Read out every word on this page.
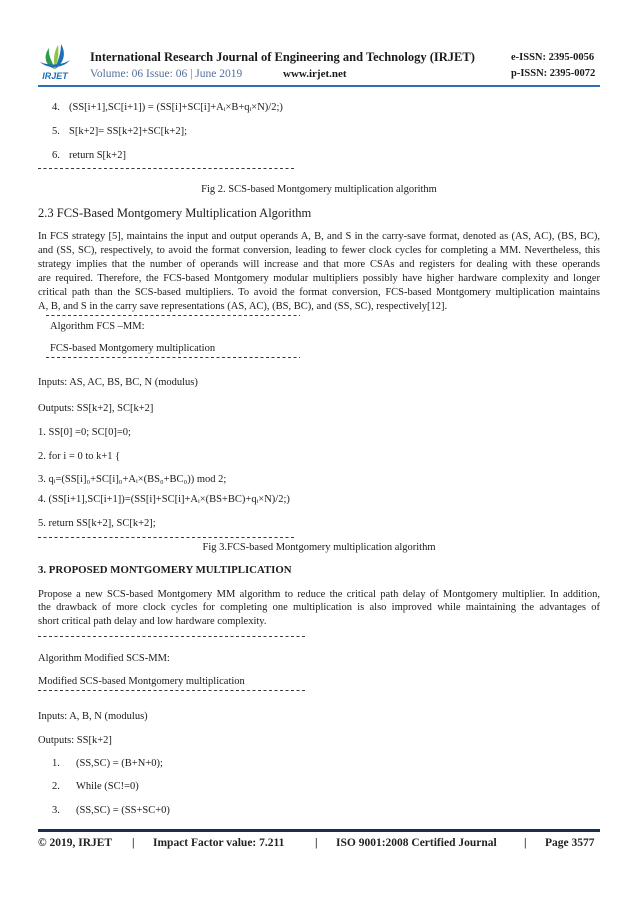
IRJET
International Research Journal of Engineering and Technology (IRJET)	e-ISSN: 2395-0056
Volume: 06 Issue: 06 | June 2019	www.irjet.net	p-ISSN: 2395-0072
4. (SS[i+1],SC[i+1]) = (SS[i]+SC[i]+Aᵢ×B+qᵢ×N)/2;)
5. S[k+2]= SS[k+2]+SC[k+2];
6. return S[k+2]
Fig 2. SCS-based Montgomery multiplication algorithm
2.3 FCS-Based Montgomery Multiplication Algorithm
In FCS strategy [5], maintains the input and output operands A, B, and S in the carry-save format, denoted as (AS, AC), (BS, BC),
and (SS, SC), respectively, to avoid the format conversion, leading to fewer clock cycles for completing a MM. Nevertheless, this
strategy implies that the number of operands will increase and that more CSAs and registers for dealing with these operands
are required. Therefore, the FCS-based Montgomery modular multipliers possibly have higher hardware complexity and longer
critical path than the SCS-based multipliers. To avoid the format conversion, FCS-based Montgomery multiplication maintains
A, B, and S in the carry save representations (AS, AC), (BS, BC), and (SS, SC), respectively[12].
Algorithm FCS –MM:
FCS-based Montgomery multiplication
Inputs: AS, AC, BS, BC, N (modulus)
Outputs: SS[k+2], SC[k+2]
1. SS[0] =0; SC[0]=0;
2. for i = 0 to k+1 {
3. qᵢ=(SS[i]₀+SC[i]₀+Aᵢ×(BS₀+BC₀)) mod 2;
4. (SS[i+1],SC[i+1])=(SS[i]+SC[i]+Aᵢ×(BS+BC)+qᵢ×N)/2;)
5. return SS[k+2], SC[k+2];
Fig 3.FCS-based Montgomery multiplication algorithm
3. PROPOSED MONTGOMERY MULTIPLICATION
Propose a new SCS-based Montgomery MM algorithm to reduce the critical path delay of Montgomery multiplier. In addition,
the drawback of more clock cycles for completing one multiplication is also improved while maintaining the advantages of
short critical path delay and low hardware complexity.
Algorithm Modified SCS-MM:
Modified SCS-based Montgomery multiplication
Inputs: A, B, N (modulus)
Outputs: SS[k+2]
1. (SS,SC) = (B+N+0);
2. While (SC!=0)
3. (SS,SC) = (SS+SC+0)
© 2019, IRJET | Impact Factor value: 7.211	| ISO 9001:2008 Certified Journal | Page 3577
